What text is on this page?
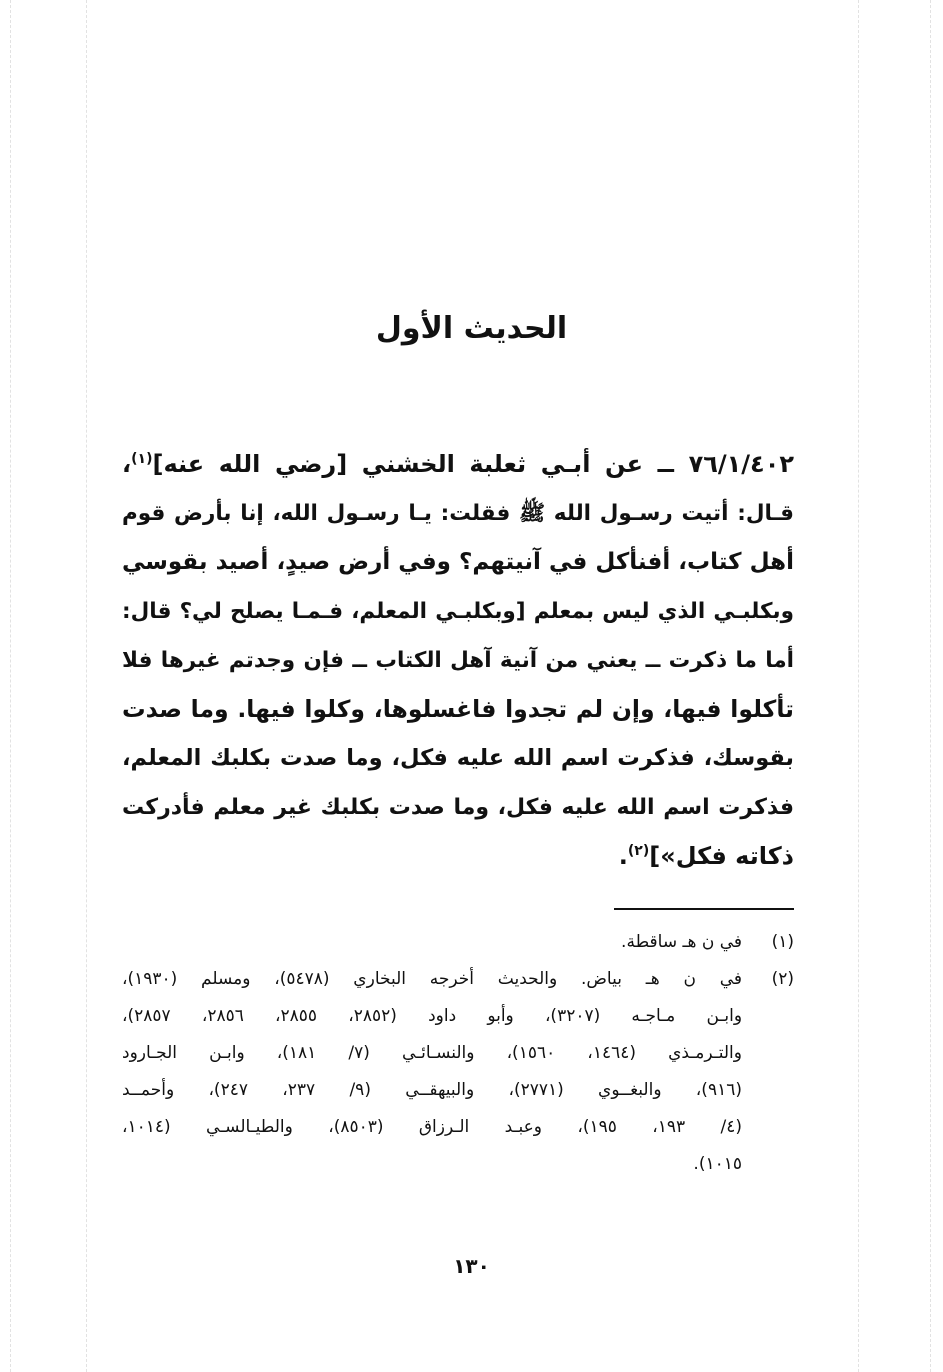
الحديث الأول
٧٦/١/٤٠٢ ــ عن أبـي ثعلبة الخشني [رضي الله عنه]$^{(١)}$،
قـال: أتيت رسـول الله ﷺ فقلت: يـا رسـول الله، إنا بأرض قوم
أهل كتاب، أفنأكل في آنيتهم؟ وفي أرض صيدٍ، أصيد بقوسي
وبكلبـي الذي ليس بمعلم [وبكلبـي المعلم، فـمـا يصلح لي؟ قال:
أما ما ذكرت ــ يعني من آنية آهل الكتاب ــ فإن وجدتم غيرها فلا
تأكلوا فيها، وإن لم تجدوا فاغسلوها، وكلوا فيها. وما صدت
بقوسك، فذكرت اسم الله عليه فكل، وما صدت بكلبك المعلم،
فذكرت اسم الله عليه فكل، وما صدت بكلبك غير معلم فأدركت
ذكاته فكل»]$^{(٢)}$.
(١)
في ن هـ ساقطة.
(٢)
في ن هـ بياض. والحديث أخرجه البخاري (٥٤٧٨)، ومسلم (١٩٣٠)،
وابـن مـاجـه (٣٢٠٧)، وأبو داود (٢٨٥٢، ٢٨٥٥، ٢٨٥٦، ٢٨٥٧)،
والتـرمـذي (١٤٦٤، ١٥٦٠)، والنسـائـي (٧/ ١٨١)، وابـن الجـارود
(٩١٦)، والبغــوي (٢٧٧١)، والبيهقــي (٩/ ٢٣٧، ٢٤٧)، وأحمــد
(٤/ ١٩٣، ١٩٥)، وعبـد الـرزاق (٨٥٠٣)، والطيـالسـي (١٠١٤،
١٠١٥).
١٣٠
